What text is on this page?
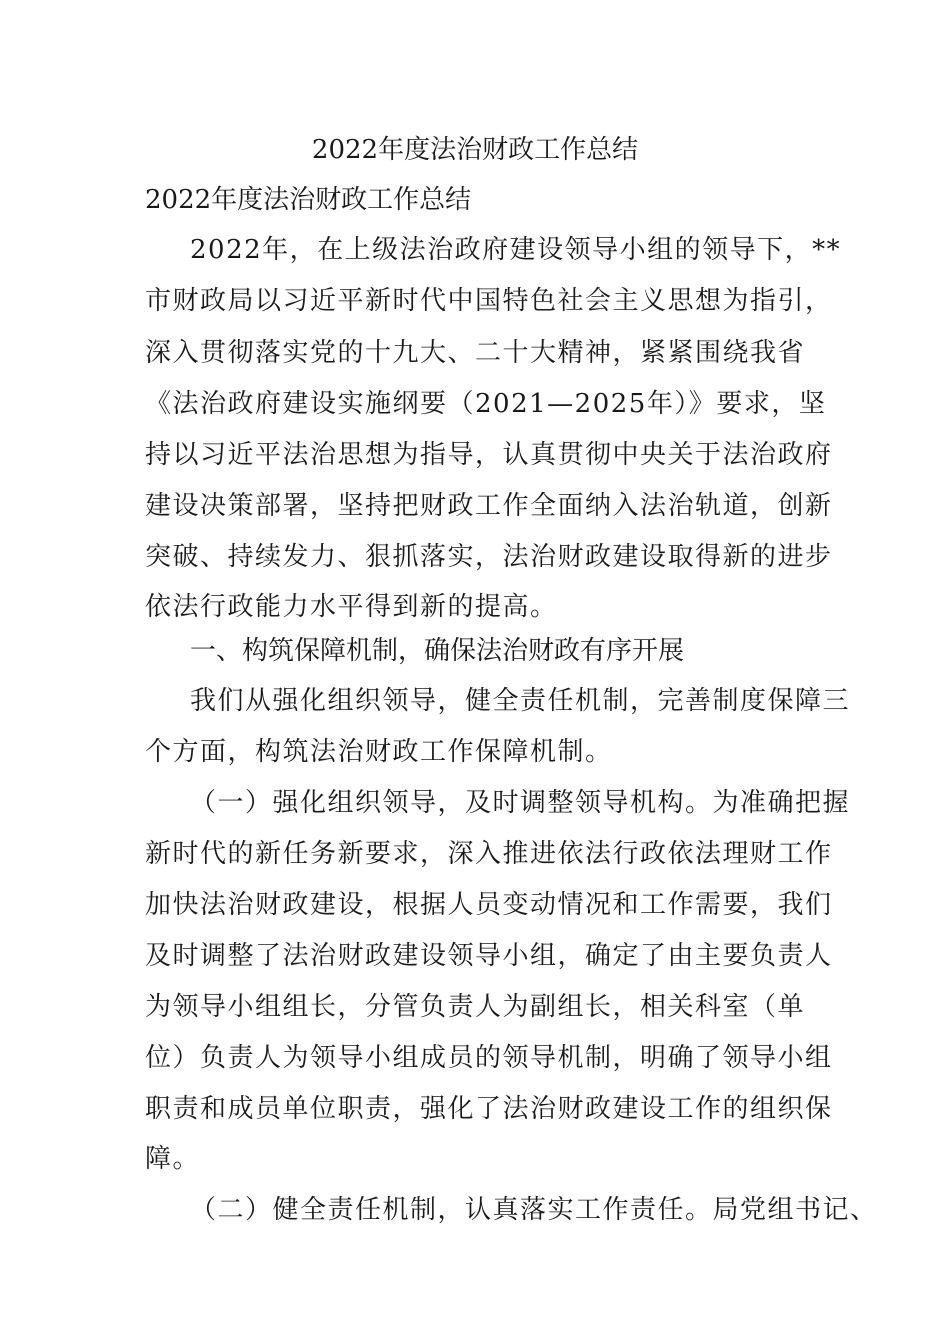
2022年度法治财政工作总结
2022年度法治财政工作总结
2022年，在上级法治政府建设领导小组的领导下，**
市财政局以习近平新时代中国特色社会主义思想为指引，
深入贯彻落实党的十九大、二十大精神，紧紧围绕我省
《法治政府建设实施纲要（2021—2025年）》要求，坚
持以习近平法治思想为指导，认真贯彻中央关于法治政府
建设决策部署，坚持把财政工作全面纳入法治轨道，创新
突破、持续发力、狠抓落实，法治财政建设取得新的进步
依法行政能力水平得到新的提高。
一、构筑保障机制，确保法治财政有序开展
我们从强化组织领导，健全责任机制，完善制度保障三
个方面，构筑法治财政工作保障机制。
（一）强化组织领导，及时调整领导机构。为准确把握
新时代的新任务新要求，深入推进依法行政依法理财工作
加快法治财政建设，根据人员变动情况和工作需要，我们
及时调整了法治财政建设领导小组，确定了由主要负责人
为领导小组组长，分管负责人为副组长，相关科室（单
位）负责人为领导小组成员的领导机制，明确了领导小组
职责和成员单位职责，强化了法治财政建设工作的组织保
障。
（二）健全责任机制，认真落实工作责任。局党组书记、
